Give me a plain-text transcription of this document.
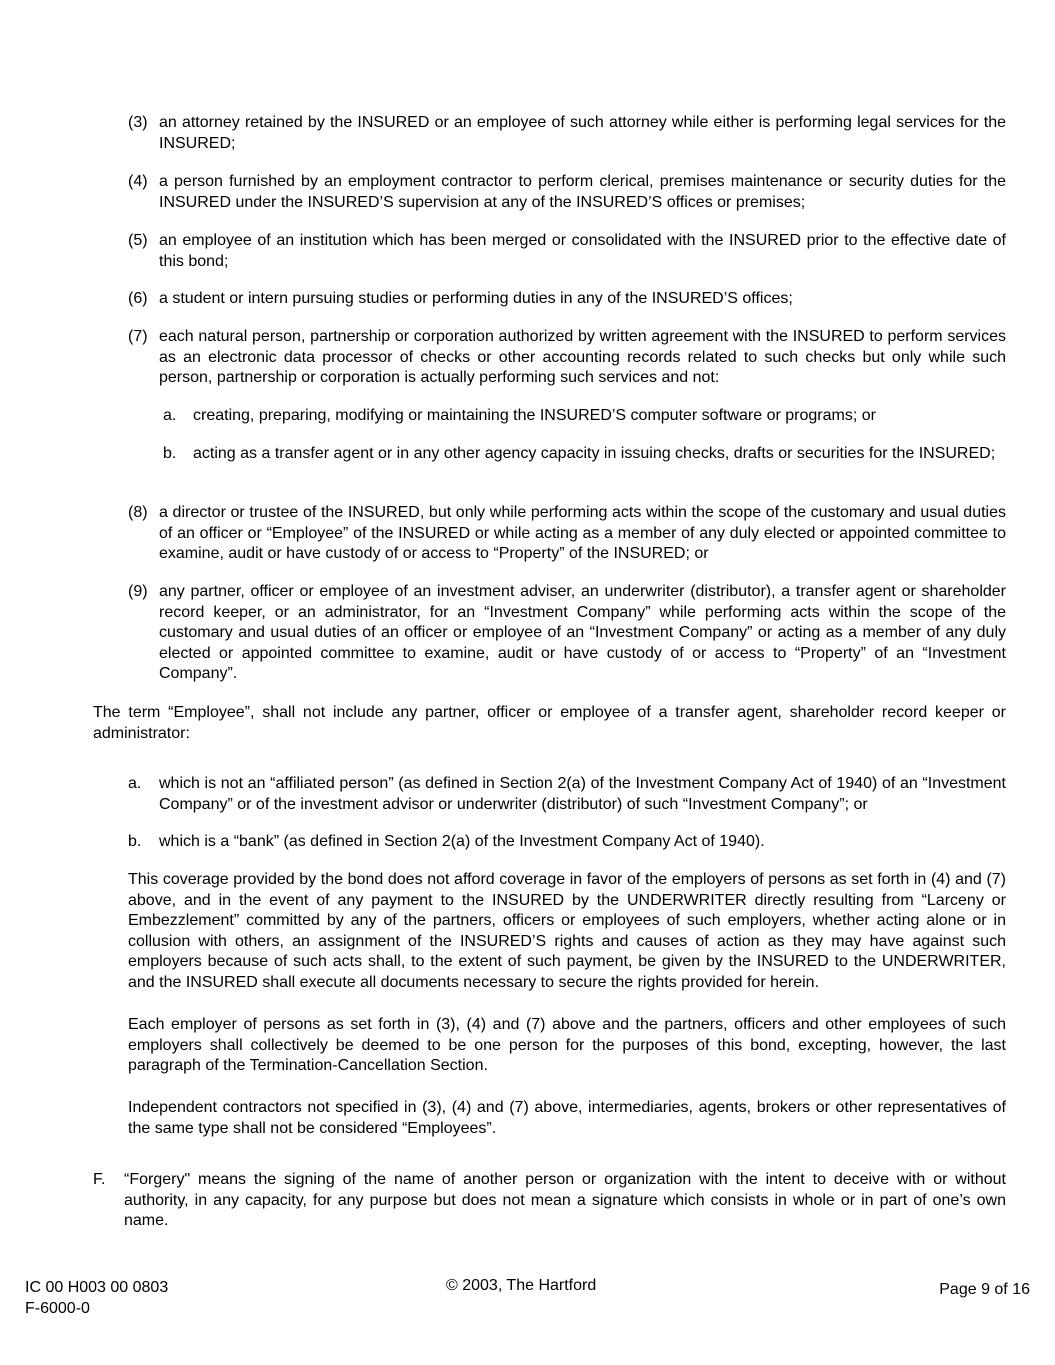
(3) an attorney retained by the INSURED or an employee of such attorney while either is performing legal services for the INSURED;

(4) a person furnished by an employment contractor to perform clerical, premises maintenance or security duties for the INSURED under the INSURED’S supervision at any of the INSURED’S offices or premises;

(5) an employee of an institution which has been merged or consolidated with the INSURED prior to the effective date of this bond;

(6) a student or intern pursuing studies or performing duties in any of the INSURED’S offices;

(7) each natural person, partnership or corporation authorized by written agreement with the INSURED to perform services as an electronic data processor of checks or other accounting records related to such checks but only while such person, partnership or corporation is actually performing such services and not:

a. creating, preparing, modifying or maintaining the INSURED’S computer software or programs; or

b. acting as a transfer agent or in any other agency capacity in issuing checks, drafts or securities for the INSURED;

(8) a director or trustee of the INSURED, but only while performing acts within the scope of the customary and usual duties of an officer or “Employee” of the INSURED or while acting as a member of any duly elected or appointed committee to examine, audit or have custody of or access to “Property” of the INSURED; or

(9) any partner, officer or employee of an investment adviser, an underwriter (distributor), a transfer agent or shareholder record keeper, or an administrator, for an “Investment Company” while performing acts within the scope of the customary and usual duties of an officer or employee of an “Investment Company” or acting as a member of any duly elected or appointed committee to examine, audit or have custody of or access to “Property” of an “Investment Company”.

The term “Employee”, shall not include any partner, officer or employee of a transfer agent, shareholder record keeper or administrator:

a. which is not an “affiliated person” (as defined in Section 2(a) of the Investment Company Act of 1940) of an “Investment Company” or of the investment advisor or underwriter (distributor) of such “Investment Company”; or

b. which is a “bank” (as defined in Section 2(a) of the Investment Company Act of 1940).

This coverage provided by the bond does not afford coverage in favor of the employers of persons as set forth in (4) and (7) above, and in the event of any payment to the INSURED by the UNDERWRITER directly resulting from “Larceny or Embezzlement” committed by any of the partners, officers or employees of such employers, whether acting alone or in collusion with others, an assignment of the INSURED’S rights and causes of action as they may have against such employers because of such acts shall, to the extent of such payment, be given by the INSURED to the UNDERWRITER, and the INSURED shall execute all documents necessary to secure the rights provided for herein.

Each employer of persons as set forth in (3), (4) and (7) above and the partners, officers and other employees of such employers shall collectively be deemed to be one person for the purposes of this bond, excepting, however, the last paragraph of the Termination-Cancellation Section.

Independent contractors not specified in (3), (4) and (7) above, intermediaries, agents, brokers or other representatives of the same type shall not be considered “Employees”.

F. “Forgery" means the signing of the name of another person or organization with the intent to deceive with or without authority, in any capacity, for any purpose but does not mean a signature which consists in whole or in part of one’s own name.

IC 00 H003 00 0803
F-6000-0
© 2003, The Hartford	Page 9 of 16
